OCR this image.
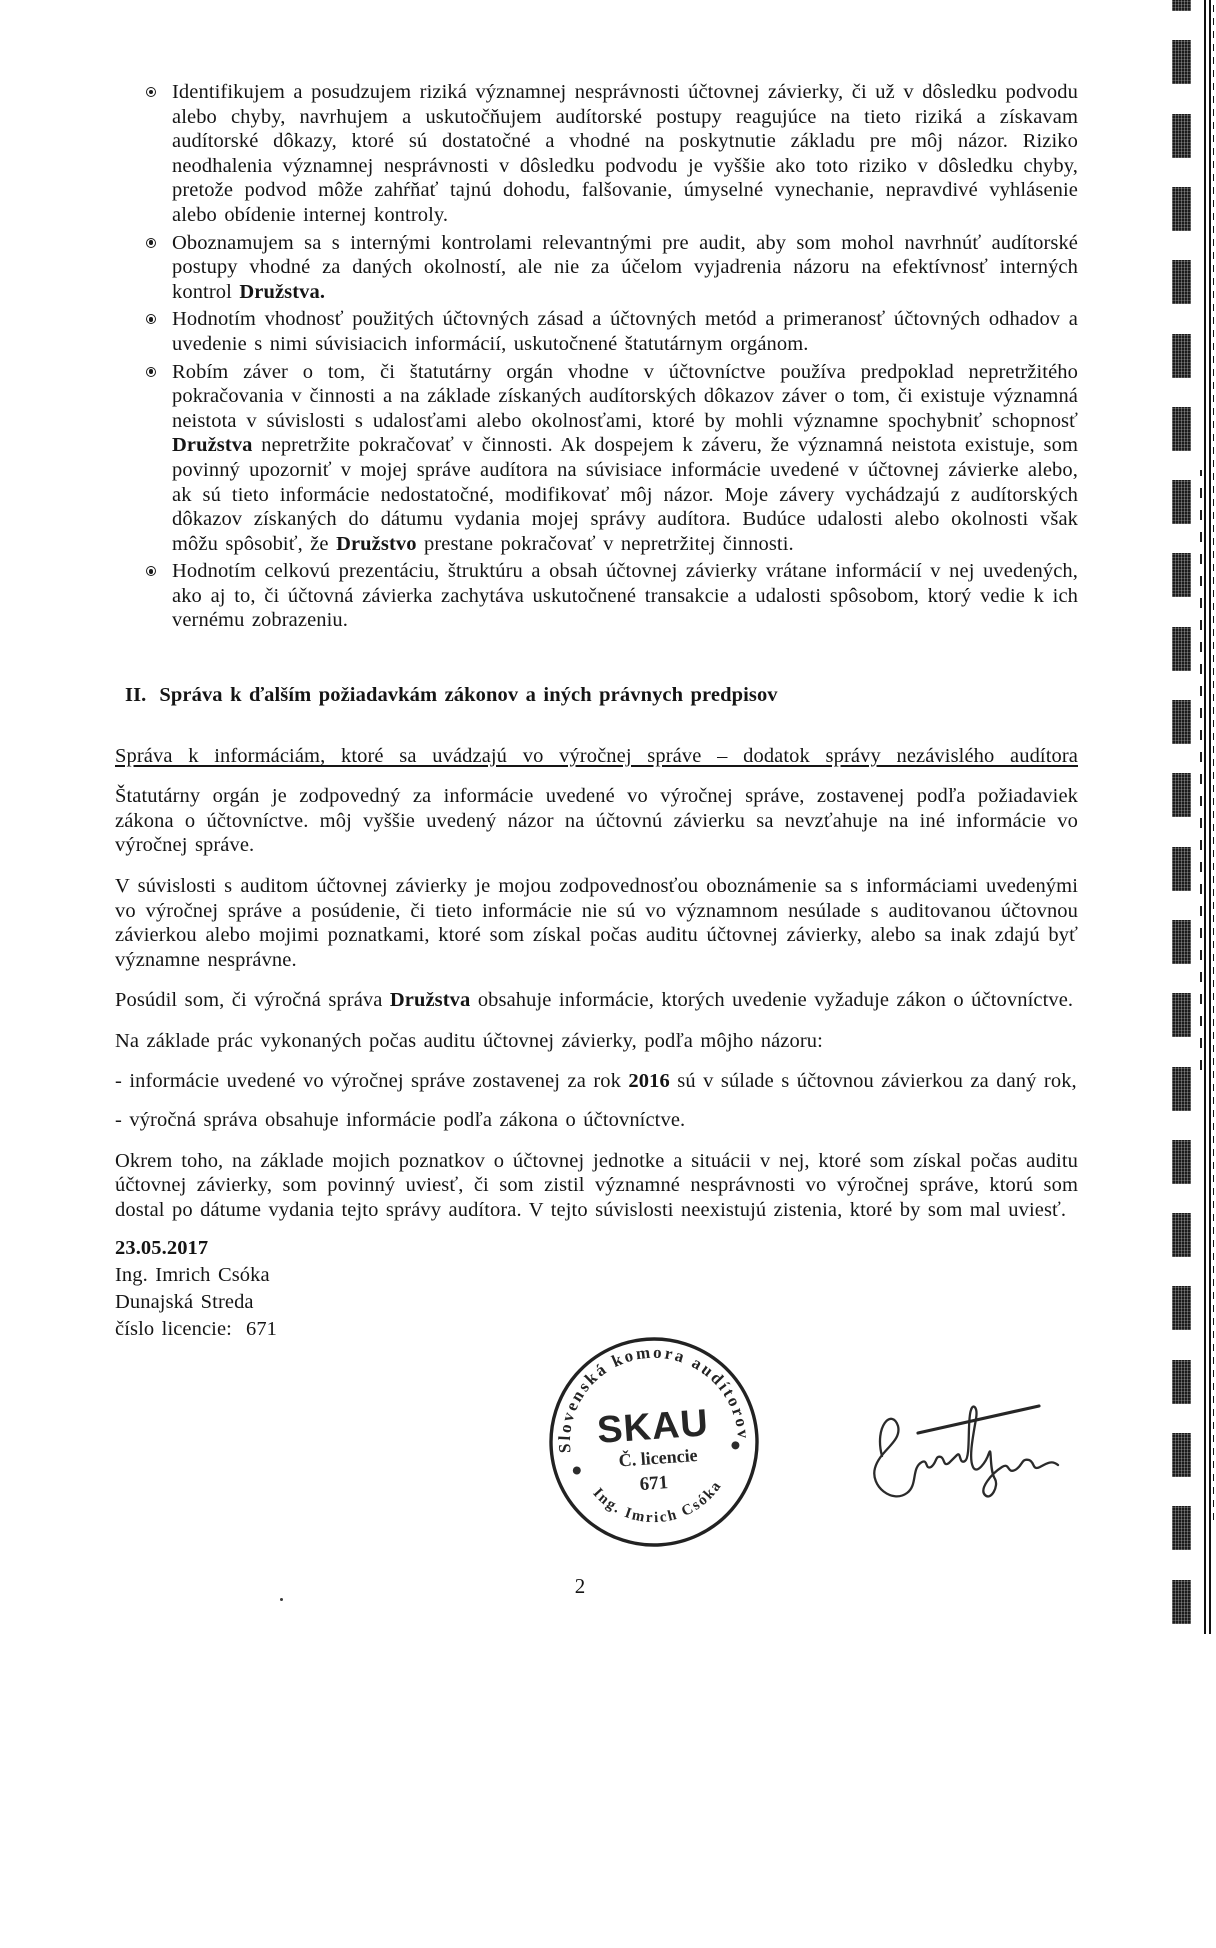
Identifikujem a posudzujem riziká významnej nesprávnosti účtovnej závierky, či už v dôsledku podvodu alebo chyby, navrhujem a uskutočňujem audítorské postupy reagujúce na tieto riziká a získavam audítorské dôkazy, ktoré sú dostatočné a vhodné na poskytnutie základu pre môj názor. Riziko neodhalenia významnej nesprávnosti v dôsledku podvodu je vyššie ako toto riziko v dôsledku chyby, pretože podvod môže zahŕňať tajnú dohodu, falšovanie, úmyselné vynechanie, nepravdivé vyhlásenie alebo obídenie internej kontroly.
Oboznamujem sa s internými kontrolami relevantnými pre audit, aby som mohol navrhnúť audítorské postupy vhodné za daných okolností, ale nie za účelom vyjadrenia názoru na efektívnosť interných kontrol Družstva.
Hodnotím vhodnosť použitých účtovných zásad a účtovných metód a primeranosť účtovných odhadov a uvedenie s nimi súvisiacich informácií, uskutočnené štatutárnym orgánom.
Robím záver o tom, či štatutárny orgán vhodne v účtovníctve používa predpoklad nepretržitého pokračovania v činnosti a na základe získaných audítorských dôkazov záver o tom, či existuje významná neistota v súvislosti s udalosťami alebo okolnosťami, ktoré by mohli významne spochybniť schopnosť Družstva nepretržite pokračovať v činnosti. Ak dospejem k záveru, že významná neistota existuje, som povinný upozorniť v mojej správe audítora na súvisiace informácie uvedené v účtovnej závierke alebo, ak sú tieto informácie nedostatočné, modifikovať môj názor. Moje závery vychádzajú z audítorských dôkazov získaných do dátumu vydania mojej správy audítora. Budúce udalosti alebo okolnosti však môžu spôsobiť, že Družstvo prestane pokračovať v nepretržitej činnosti.
Hodnotím celkovú prezentáciu, štruktúru a obsah účtovnej závierky vrátane informácií v nej uvedených, ako aj to, či účtovná závierka zachytáva uskutočnené transakcie a udalosti spôsobom, ktorý vedie k ich vernému zobrazeniu.
II. Správa k ďalším požiadavkám zákonov a iných právnych predpisov
Správa k informáciám, ktoré sa uvádzajú vo výročnej správe – dodatok správy nezávislého audítora

Štatutárny orgán je zodpovedný za informácie uvedené vo výročnej správe, zostavenej podľa požiadaviek zákona o účtovníctve. môj vyššie uvedený názor na účtovnú závierku sa nevzťahuje na iné informácie vo výročnej správe.

V súvislosti s auditom účtovnej závierky je mojou zodpovednosťou oboznámenie sa s informáciami uvedenými vo výročnej správe a posúdenie, či tieto informácie nie sú vo významnom nesúlade s auditovanou účtovnou závierkou alebo mojimi poznatkami, ktoré som získal počas auditu účtovnej závierky, alebo sa inak zdajú byť významne nesprávne.

Posúdil som, či výročná správa Družstva obsahuje informácie, ktorých uvedenie vyžaduje zákon o účtovníctve.

Na základe prác vykonaných počas auditu účtovnej závierky, podľa môjho názoru:

- informácie uvedené vo výročnej správe zostavenej za rok 2016 sú v súlade s účtovnou závierkou za daný rok,

- výročná správa obsahuje informácie podľa zákona o účtovníctve.

Okrem toho, na základe mojich poznatkov o účtovnej jednotke a situácii v nej, ktoré som získal počas auditu účtovnej závierky, som povinný uviesť, či som zistil významné nesprávnosti vo výročnej správe, ktorú som dostal po dátume vydania tejto správy audítora. V tejto súvislosti neexistujú zistenia, ktoré by som mal uviesť.

23.05.2017
Ing. Imrich Csóka
Dunajská Streda
číslo licencie: 671
Slovenská komora audítorov
Ing. Imrich Csóka
SKAU
Č. licencie
671
2
